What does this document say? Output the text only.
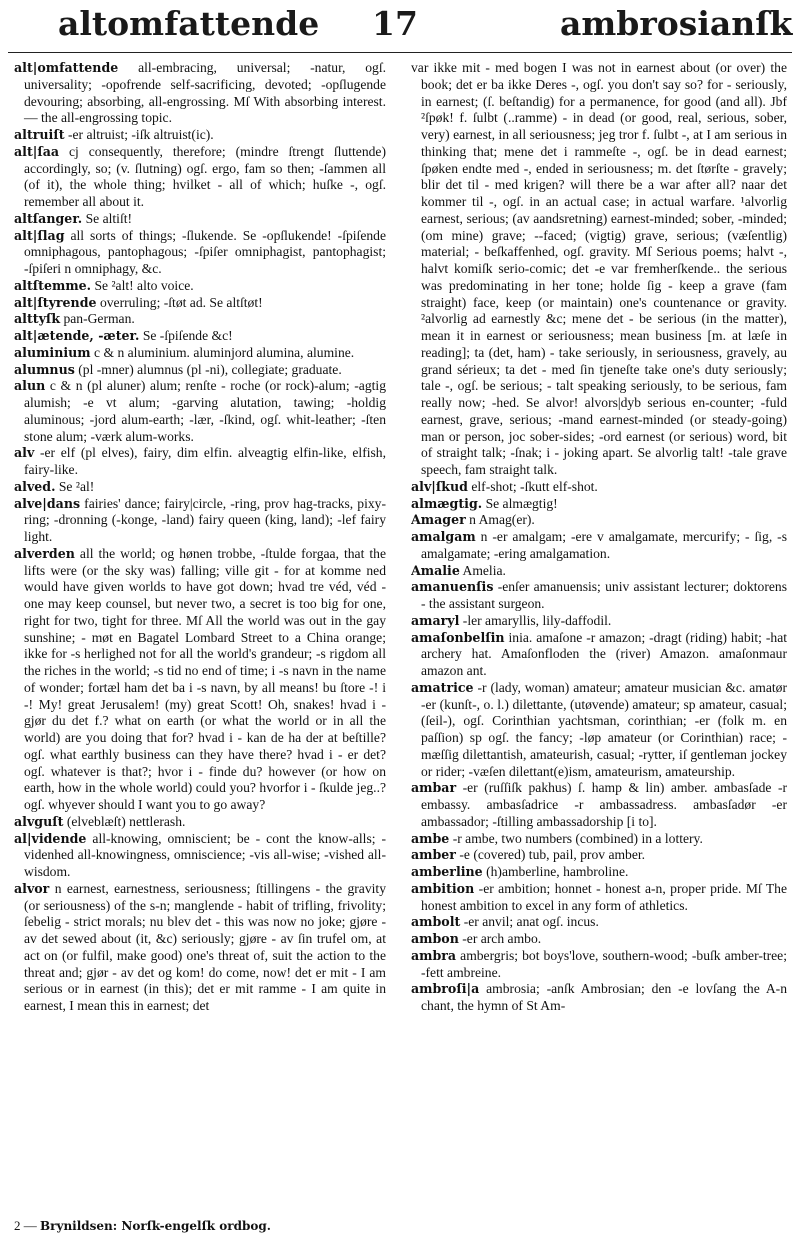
altomfattende 17	ambrosianſk

alt|omfattende all-embracing, universal; -natur, ogſ. universality; -opofrende self-sacrificing, devoted; -opſlugende devouring; absorbing, all-engrossing. Mſ With absorbing interest. — the all-engrossing topic.

altruiſt -er altruist; -iſk altruist(ic).

alt|ſaa cj consequently, therefore; (mindre ſtrengt ſluttende) accordingly, so; (v. ſlutning) ogſ. ergo, fam so then; -ſammen all (of it), the whole thing; hvilket - all of which; huſke -, ogſ. remember all about it.

altſanger. Se altiſt!

alt|ſlag all sorts of things; -ſlukende. Se -opſlukende! -ſpiſende omniphagous, pantophagous; -ſpiſer omniphagist, pantophagist; -ſpiſeri n omniphagy, &c.

altſtemme. Se ²alt! alto voice.

alt|ſtyrende overruling; -ſtøt ad. Se altſtøt!

alttyſk pan-German.

alt|ætende, -æter. Se -ſpiſende &c!

aluminium c & n aluminium. aluminjord alumina, alumine.

alumnus (pl -mner) alumnus (pl -ni), collegiate; graduate.

alun c & n (pl aluner) alum; renſte - roche (or rock)-alum; -agtig alumish; -e vt alum; -garving alutation, tawing; -holdig aluminous; -jord alum-earth; -lær, -ſkind, ogſ. whit-leather; -ſten stone alum; -værk alum-works.

alv -er elf (pl elves), fairy, dim elfin. alveagtig elfin-like, elfish, fairy-like.

alved. Se ²al!

alve|dans fairies' dance; fairy|circle, -ring, prov hag-tracks, pixy-ring; -dronning (-konge, -land) fairy queen (king, land); -lef fairy light.

alverden all the world; og hønen trobbe, -ſtulde forgaa, that the lifts were (or the sky was) falling; ville git - for at komme ned would have given worlds to have got down; hvad tre véd, véd - one may keep counsel, but never two, a secret is too big for one, right for two, tight for three. Mſ All the world was out in the gay sunshine; - møt en Bagatel Lombard Street to a China orange; ikke for -s herlighed not for all the world's grandeur; -s rigdom all the riches in the world; -s tid no end of time; i -s navn in the name of wonder; fortæl ham det ba i -s navn, by all means! bu ſtore -! i -! My! great Jerusalem! (my) great Scott! Oh, snakes! hvad i - gjør du det f.? what on earth (or what the world or in all the world) are you doing that for? hvad i - kan de ha der at beſtille? ogſ. what earthly business can they have there? hvad i - er det? ogſ. whatever is that?; hvor i - finde du? however (or how on earth, how in the whole world) could you? hvorfor i - ſkulde jeg..? ogſ. whyever should I want you to go away?

alvguſt (elveblæſt) nettlerash.

al|vidende all-knowing, omniscient; be - cont the know-alls; -videnhed all-knowingness, omniscience; -vis all-wise; -vished all-wisdom.

alvor n earnest, earnestness, seriousness; ſtillingens - the gravity (or seriousness) of the s-n; manglende - habit of trifling, frivolity; ſebelig - strict morals; nu blev det - this was now no joke; gjøre - av det sewed about (it, &c) seriously; gjøre - av ſin trufel om, at act on (or fulfil, make good) one's threat of, suit the action to the threat and; gjør - av det og kom! do come, now! det er mit - I am serious or in earnest (in this); det er mit ramme - I am quite in earnest, I mean this in earnest; det

var ikke mit - med bogen I was not in earnest about (or over) the book; det er ba ikke Deres -, ogſ. you don't say so? for - seriously, in earnest; (ſ. beſtandig) for a permanence, for good (and all). Jbf ²ſpøk! f. ſulbt (..ramme) - in dead (or good, real, serious, sober, very) earnest, in all seriousness; jeg tror f. ſulbt -, at I am serious in thinking that; mene det i rammeſte -, ogſ. be in dead earnest; ſpøken endte med -, ended in seriousness; m. det ſtørſte - gravely; blir det til - med krigen? will there be a war after all? naar det kommer til -, ogſ. in an actual case; in actual warfare. ¹alvorlig earnest, serious; (av aandsretning) earnest-minded; sober, -minded; (om mine) grave; --faced; (vigtig) grave, serious; (væſentlig) material; - beſkaffenhed, ogſ. gravity. Mſ Serious poems; halvt -, halvt komiſk serio-comic; det -e var fremherſkende.. the serious was predominating in her tone; holde ſig - keep a grave (fam straight) face, keep (or maintain) one's countenance or gravity. ²alvorlig ad earnestly &c; mene det - be serious (in the matter), mean it in earnest or seriousness; mean business [m. at læſe in reading]; ta (det, ham) - take seriously, in seriousness, gravely, au grand sérieux; ta det - med ſin tjeneſte take one's duty seriously; tale -, ogſ. be serious; - talt speaking seriously, to be serious, fam really now; -hed. Se alvor! alvors|dyb serious en-counter; -fuld earnest, grave, serious; -mand earnest-minded (or steady-going) man or person, joc sober-sides; -ord earnest (or serious) word, bit of straight talk; -ſnak; i - joking apart. Se alvorlig talt! -tale grave speech, fam straight talk.

alv|ſkud elf-shot; -ſkutt elf-shot.

almægtig. Se almægtig!

Amager n Amag(er).

amalgam n -er amalgam; -ere v amalgamate, mercurify; - ſig, -s amalgamate; -ering amalgamation.

Amalie Amelia.

amanuenſis -enſer amanuensis; univ assistant lecturer; doktorens - the assistant surgeon.

amaryl -ler amaryllis, lily-daffodil.

amaſonbelſin inia. amaſone -r amazon; -dragt (riding) habit; -hat archery hat. Amaſonfloden the (river) Amazon. amaſonmaur amazon ant.

amatrice -r (lady, woman) amateur; amateur musician &c. amatør -er (kunſt-, o. l.) dilettante, (utøvende) amateur; sp amateur, casual; (ſeil-), ogſ. Corinthian yachtsman, corinthian; -er (folk m. en paſſion) sp ogſ. the fancy; -løp amateur (or Corinthian) race; -mæſſig dilettantish, amateurish, casual; -rytter, iſ gentleman jockey or rider; -væſen dilettant(e)ism, amateurism, amateurship.

ambar -er (ruſſiſk pakhus) ſ. hamp & lin) amber. ambasſade -r embassy. ambasſadrice -r ambassadress. ambasſadør -er ambassador; -ſtilling ambassadorship [i to].

ambe -r ambe, two numbers (combined) in a lottery.

amber -e (covered) tub, pail, prov amber.

amberline (h)amberline, hambroline.

ambition -er ambition; honnet - honest a-n, proper pride. Mſ The honest ambition to excel in any form of athletics.

ambolt -er anvil; anat ogſ. incus.

ambon -er arch ambo.

ambra ambergris; bot boys'love, southern-wood; -buſk amber-tree; -fett ambreine.

ambroſi|a ambrosia; -anſk Ambrosian; den -e lovſang the A-n chant, the hymn of St Am-

2 — Brynildsen: Norſk-engelſk ordbog.
